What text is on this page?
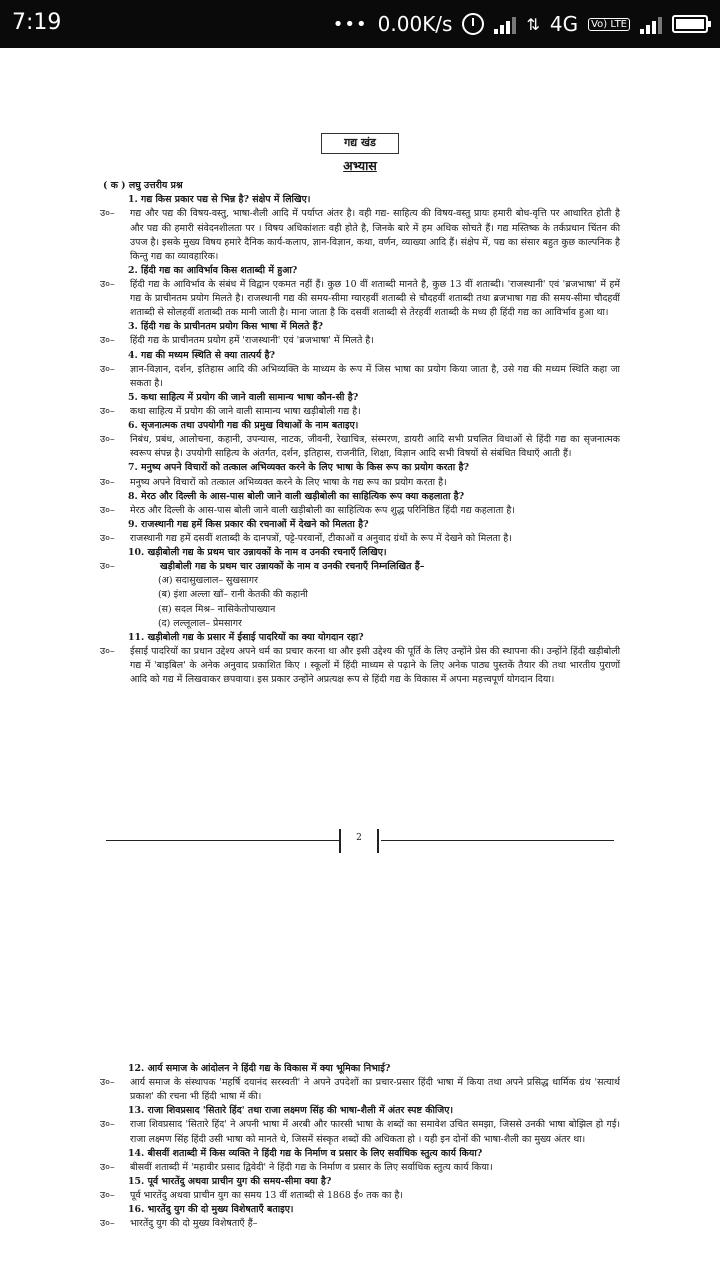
7:19	••• 0.00K/s	⇅ 4G	Vo) LTE
गद्य खंड
अभ्यास
( क ) लघु उत्तरीय प्रश्न
1. गद्य किस प्रकार पद्य से भिन्न है? संक्षेप में लिखिए।
उ०–	गद्य और पद्य की विषय-वस्तु, भाषा-शैली आदि में पर्याप्त अंतर है। वही गद्य- साहित्य की विषय-वस्तु प्रायः हमारी बोध-वृत्ति पर आधारित होती है और पद्य की हमारी संवेदनशीलता पर । विषय अधिकांशतः वही होते है, जिनके बारे में हम अधिक सोचते हैं। गद्य मस्तिष्क के तर्कप्रधान चिंतन की उपज है। इसके मुख्य विषय हमारे दैनिक कार्य-कलाप, ज्ञान-विज्ञान, कथा, वर्णन, व्याख्या आदि हैं। संक्षेप में, पद्य का संसार बहुत कुछ काल्पनिक है किन्तु गद्य का व्यावहारिक।
2. हिंदी गद्य का आविर्भाव किस शताब्दी में हुआ?
उ०–	हिंदी गद्य के आविर्भाव के संबंध में विद्वान एकमत नहीं हैं। कुछ 10 वीं शताब्दी मानते है, कुछ 13 वीं शताब्दी। 'राजस्थानी' एवं 'ब्रजभाषा' में हमें गद्य के प्राचीनतम प्रयोग मिलते है। राजस्थानी गद्य की समय-सीमा ग्यारहवीं शताब्दी से चौदहवीं शताब्दी तथा ब्रजभाषा गद्य की समय-सीमा चौदहवीं शताब्दी से सोलहवीं शताब्दी तक मानी जाती है। माना जाता है कि दसवीं शताब्दी से तेरहवीं शताब्दी के मध्य ही हिंदी गद्य का आविर्भाव हुआ था।
3. हिंदी गद्य के प्राचीनतम प्रयोग किस भाषा में मिलते हैं?
उ०–	हिंदी गद्य के प्राचीनतम प्रयोग हमें 'राजस्थानी' एवं 'ब्रजभाषा' में मिलते है।
4. गद्य की मध्यम स्थिति से क्या तात्पर्य है?
उ०–	ज्ञान-विज्ञान, दर्शन, इतिहास आदि की अभिव्यक्ति के माध्यम के रूप में जिस भाषा का प्रयोग किया जाता है, उसे गद्य की मध्यम स्थिति कहा जा सकता है।
5. कथा साहित्य में प्रयोग की जाने वाली सामान्य भाषा कौन-सी है?
उ०–	कथा साहित्य में प्रयोग की जाने वाली सामान्य भाषा खड़ीबोली गद्य है।
6. सृजनात्मक तथा उपयोगी गद्य की प्रमुख विधाओं के नाम बताइए।
उ०–	निबंध, प्रबंध, आलोचना, कहानी, उपन्यास, नाटक, जीवनी, रेखाचित्र, संस्मरण, डायरी आदि सभी प्रचलित विधाओं से हिंदी गद्य का सृजनात्मक स्वरूप संपन्न है। उपयोगी साहित्य के अंतर्गत, दर्शन, इतिहास, राजनीति, शिक्षा, विज्ञान आदि सभी विषयों से संबंधित विधाएँ आती हैं।
7. मनुष्य अपने विचारों को तत्काल अभिव्यक्त करने के लिए भाषा के किस रूप का प्रयोग करता है?
उ०–	मनुष्य अपने विचारों को तत्काल अभिव्यक्त करने के लिए भाषा के गद्य रूप का प्रयोग करता है।
8. मेरठ और दिल्ली के आस-पास बोली जाने वाली खड़ीबोली का साहित्यिक रूप क्या कहलाता है?
उ०–	मेरठ और दिल्ली के आस-पास बोली जाने वाली खड़ीबोली का साहित्यिक रूप शुद्ध परिनिष्ठित हिंदी गद्य कहलाता है।
9. राजस्थानी गद्य हमें किस प्रकार की रचनाओं में देखने को मिलता है?
उ०–	राजस्थानी गद्य हमें दसवीं शताब्दी के दानपत्रों, पट्टे-परवानों, टीकाओं व अनुवाद ग्रंथों के रूप में देखने को मिलता है।
10. खड़ीबोली गद्य के प्रथम चार उन्नायकों के नाम व उनकी रचनाएँ लिखिए।
उ०–	खड़ीबोली गद्य के प्रथम चार उन्नायकों के नाम व उनकी रचनाएँ निम्नलिखित हैं–
(अ) सदासुखलाल– सुखसागर
(ब) इंशा अल्ला खाँ– रानी केतकी की कहानी
(स) सदल मिश्र– नासिकेतोपाख्यान
(द) लल्लूलाल– प्रेमसागर
11. खड़ीबोली गद्य के प्रसार में ईसाई पादरियों का क्या योगदान रहा?
उ०–	ईसाई पादरियों का प्रधान उद्देश्य अपने धर्म का प्रचार करना था और इसी उद्देश्य की पूर्ति के लिए उन्होंने प्रेस की स्थापना की। उन्होंने हिंदी खड़ीबोली गद्य में 'बाइबिल' के अनेक अनुवाद प्रकाशित किए । स्कूलों में हिंदी माध्यम से पढ़ाने के लिए अनेक पाठ्य पुस्तकें तैयार की तथा भारतीय पुराणों आदि को गद्य में लिखवाकर छपवाया। इस प्रकार उन्होंने अप्रत्यक्ष रूप से हिंदी गद्य के विकास में अपना महत्त्वपूर्ण योगदान दिया।
2
12. आर्य समाज के आंदोलन ने हिंदी गद्य के विकास में क्या भूमिका निभाई?
उ०–	आर्य समाज के संस्थापक 'महर्षि दयानंद सरस्वती' ने अपने उपदेशों का प्रचार-प्रसार हिंदी भाषा में किया तथा अपने प्रसिद्ध धार्मिक ग्रंथ 'सत्यार्थ प्रकाश' की रचना भी हिंदी भाषा में की।
13. राजा शिवप्रसाद 'सितारे हिंद' तथा राजा लक्ष्मण सिंह की भाषा-शैली में अंतर स्पष्ट कीजिए।
उ०–	राजा शिवप्रसाद 'सितारे हिंद' ने अपनी भाषा में अरबी और फारसी भाषा के शब्दों का समावेश उचित समझा, जिससे उनकी भाषा बोझिल हो गई। राजा लक्ष्मण सिंह हिंदी उसी भाषा को मानते थे, जिसमें संस्कृत शब्दों की अधिकता हो । यही इन दोनों की भाषा-शैली का मुख्य अंतर था।
14. बीसवीं शताब्दी में किस व्यक्ति ने हिंदी गद्य के निर्माण व प्रसार के लिए सर्वाधिक स्तुत्य कार्य किया?
उ०–	बीसवीं शताब्दी में 'महावीर प्रसाद द्विवेदी' ने हिंदी गद्य के निर्माण व प्रसार के लिए सर्वाधिक स्तुत्य कार्य किया।
15. पूर्व भारतेंदु अथवा प्राचीन युग की समय-सीमा क्या है?
उ०–	पूर्व भारतेंदु अथवा प्राचीन युग का समय 13 वीं शताब्दी से 1868 ई० तक का है।
16. भारतेंदु युग की दो मुख्य विशेषताएँ बताइए।
उ०–	भारतेंदु युग की दो मुख्य विशेषताएँ हैं–
